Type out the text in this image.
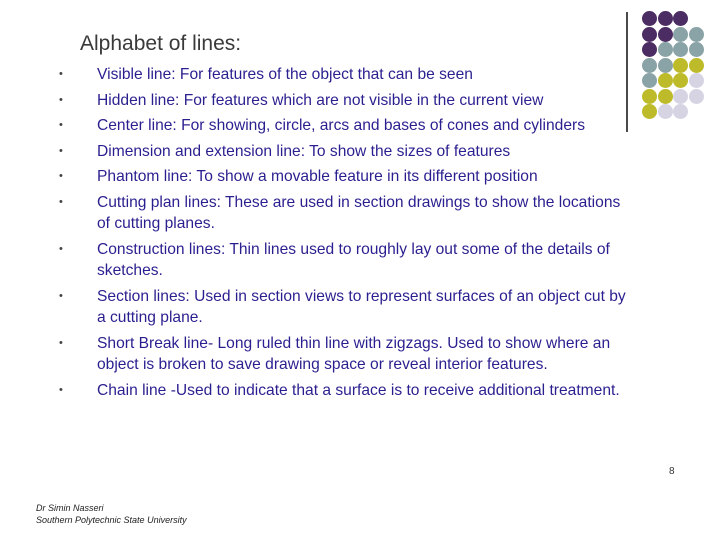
Alphabet of lines:
• Visible line: For features of the object that can be seen
• Hidden line: For features which are not visible in the current view
• Center line: For showing, circle, arcs and bases of cones and cylinders
• Dimension and extension line: To show the sizes of features
• Phantom line: To show a movable feature in its different position
• Cutting plan lines: These are used in section drawings to show the locations of cutting planes.
• Construction lines: Thin lines used to roughly lay out some of the details of sketches.
• Section lines: Used in section views to represent surfaces of an object cut by a cutting plane.
• Short Break line- Long ruled thin line with zigzags. Used to show where an object is broken to save drawing space or reveal interior features.
• Chain line -Used to indicate that a surface is to receive additional treatment.
8
Dr Simin Nasseri
Southern Polytechnic State University
